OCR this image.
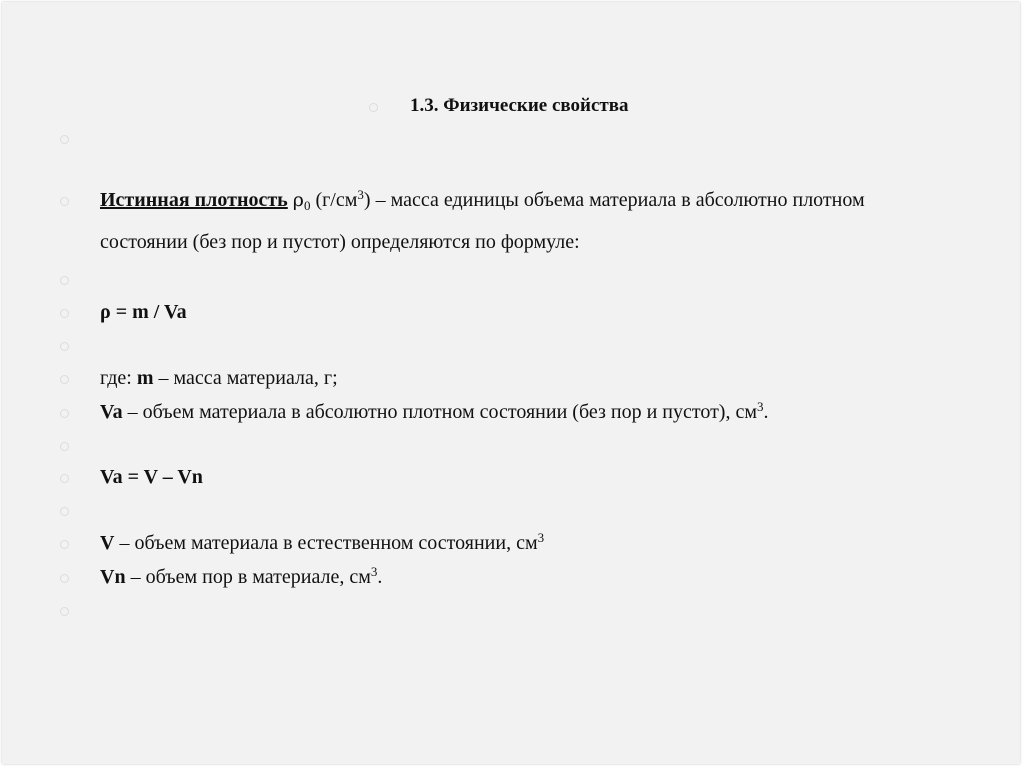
1.3. Физические свойства
Истинная плотность $\rho_0$ $(г/см^3)$ – масса единицы объема материала в абсолютно плотном
состоянии (без пор и пустот) определяются по формуле:
ρ = m / Va
где: m – масса материала, г;
Va – объем материала в абсолютно плотном состоянии (без пор и пустот), $см^3$.
Va = V – Vn
V – объем материала в естественном состоянии, $см^3$
Vn – объем пор в материале, $см^3$.
